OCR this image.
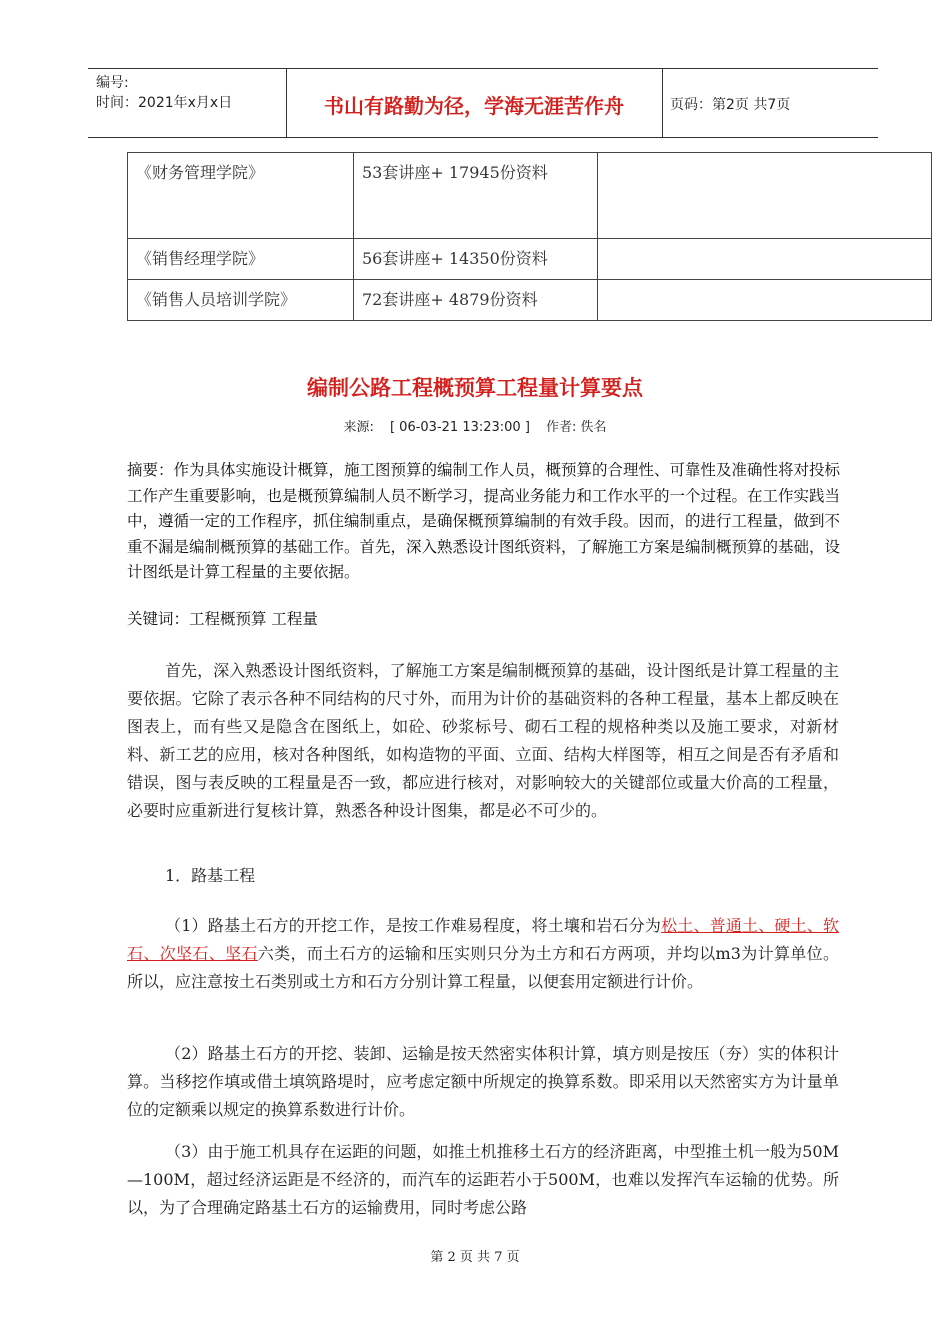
编号:
时间：2021年x月x日	书山有路勤为径，学海无涯苦作舟	页码：第2页 共7页
《财务管理学院》	53套讲座+ 17945份资料	
《销售经理学院》	56套讲座+ 14350份资料	
《销售人员培训学院》	72套讲座+ 4879份资料	
编制公路工程概预算工程量计算要点
来源: [ 06-03-21 13:23:00 ] 作者: 佚名
摘要：作为具体实施设计概算，施工图预算的编制工作人员，概预算的合理性、可靠性及准确性将对投标工作产生重要影响，也是概预算编制人员不断学习，提高业务能力和工作水平的一个过程。在工作实践当中，遵循一定的工作程序，抓住编制重点，是确保概预算编制的有效手段。因而，的进行工程量，做到不重不漏是编制概预算的基础工作。首先，深入熟悉设计图纸资料，了解施工方案是编制概预算的基础，设计图纸是计算工程量的主要依据。
关键词：工程概预算 工程量
首先，深入熟悉设计图纸资料，了解施工方案是编制概预算的基础，设计图纸是计算工程量的主要依据。它除了表示各种不同结构的尺寸外，而用为计价的基础资料的各种工程量，基本上都反映在图表上，而有些又是隐含在图纸上，如砼、砂浆标号、砌石工程的规格种类以及施工要求，对新材料、新工艺的应用，核对各种图纸，如构造物的平面、立面、结构大样图等，相互之间是否有矛盾和错误，图与表反映的工程量是否一致，都应进行核对，对影响较大的关键部位或量大价高的工程量，必要时应重新进行复核计算，熟悉各种设计图集，都是必不可少的。
1．路基工程
（1）路基土石方的开挖工作，是按工作难易程度，将土壤和岩石分为松土、普通土、硬土、软石、次坚石、坚石六类，而土石方的运输和压实则只分为土方和石方两项，并均以m3为计算单位。所以，应注意按土石类别或土方和石方分别计算工程量，以便套用定额进行计价。
（2）路基土石方的开挖、装卸、运输是按天然密实体积计算，填方则是按压（夯）实的体积计算。当移挖作填或借土填筑路堤时，应考虑定额中所规定的换算系数。即采用以天然密实方为计量单位的定额乘以规定的换算系数进行计价。
（3）由于施工机具存在运距的问题，如推土机推移土石方的经济距离，中型推土机一般为50M—100M，超过经济运距是不经济的，而汽车的运距若小于500M，也难以发挥汽车运输的优势。所以，为了合理确定路基土石方的运输费用，同时考虑公路
第 2 页 共 7 页
